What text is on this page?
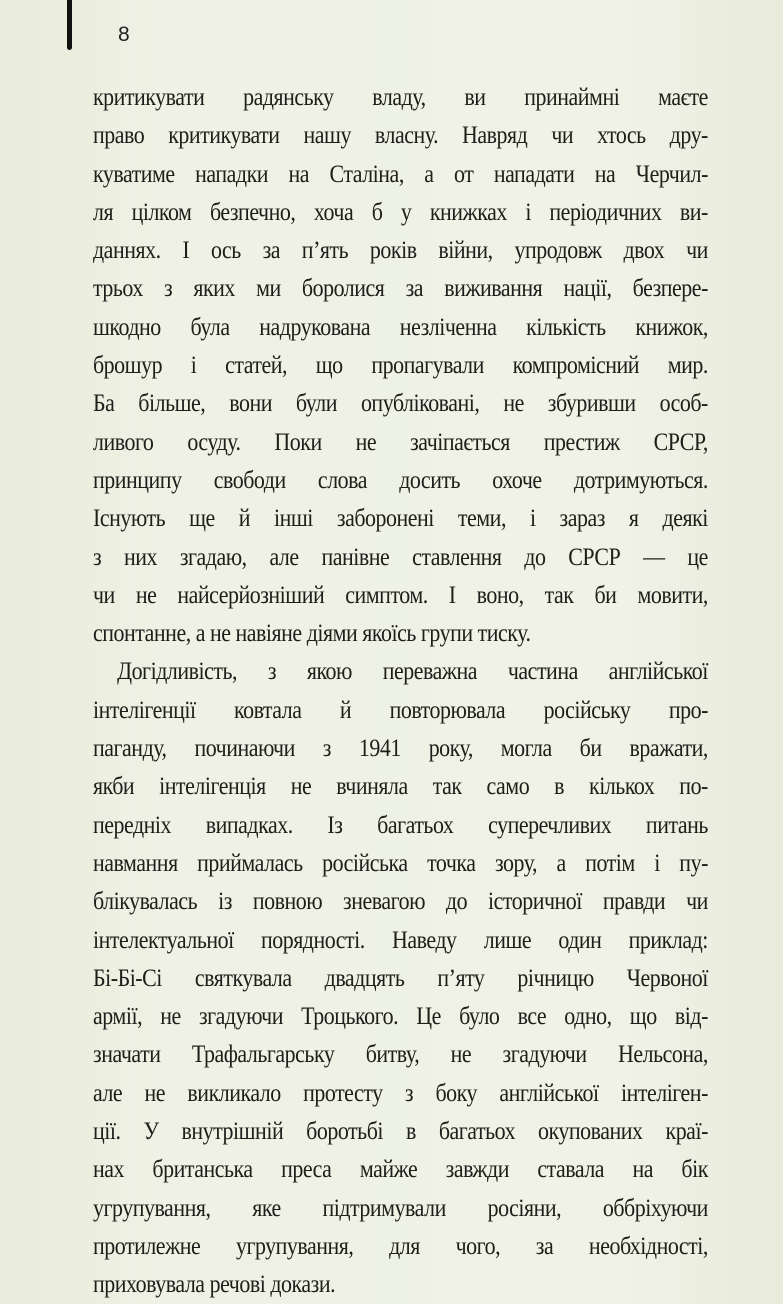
8
критикувати радянську владу, ви принаймні маєте
право критикувати нашу власну. Навряд чи хтось дру-
куватиме нападки на Сталіна, а от нападати на Черчил-
ля цілком безпечно, хоча б у книжках і періодичних ви-
даннях. І ось за п’ять років війни, упродовж двох чи
трьох з яких ми боролися за виживання нації, безпере-
шкодно була надрукована незліченна кількість книжок,
брошур і статей, що пропагували компромісний мир.
Ба більше, вони були опубліковані, не збуривши особ-
ливого осуду. Поки не зачіпається престиж СРСР,
принципу свободи слова досить охоче дотримуються.
Існують ще й інші заборонені теми, і зараз я деякі
з них згадаю, але панівне ставлення до СРСР — це
чи не найсерйозніший симптом. І воно, так би мовити,
спонтанне, а не навіяне діями якоїсь групи тиску.
Догідливість, з якою переважна частина англійської
інтелігенції ковтала й повторювала російську про-
паганду, починаючи з 1941 року, могла би вражати,
якби інтелігенція не вчиняла так само в кількох по-
передніх випадках. Із багатьох суперечливих питань
навмання приймалась російська точка зору, а потім і пу-
блікувалась із повною зневагою до історичної правди чи
інтелектуальної порядності. Наведу лише один приклад:
Бі-Бі-Сі святкувала двадцять п’яту річницю Червоної
армії, не згадуючи Троцького. Це було все одно, що від-
значати Трафальгарську битву, не згадуючи Нельсона,
але не викликало протесту з боку англійської інтеліген-
ції. У внутрішній боротьбі в багатьох окупованих краї-
нах британська преса майже завжди ставала на бік
угрупування, яке підтримували росіяни, оббріхуючи
протилежне угрупування, для чого, за необхідності,
приховувала речові докази.
